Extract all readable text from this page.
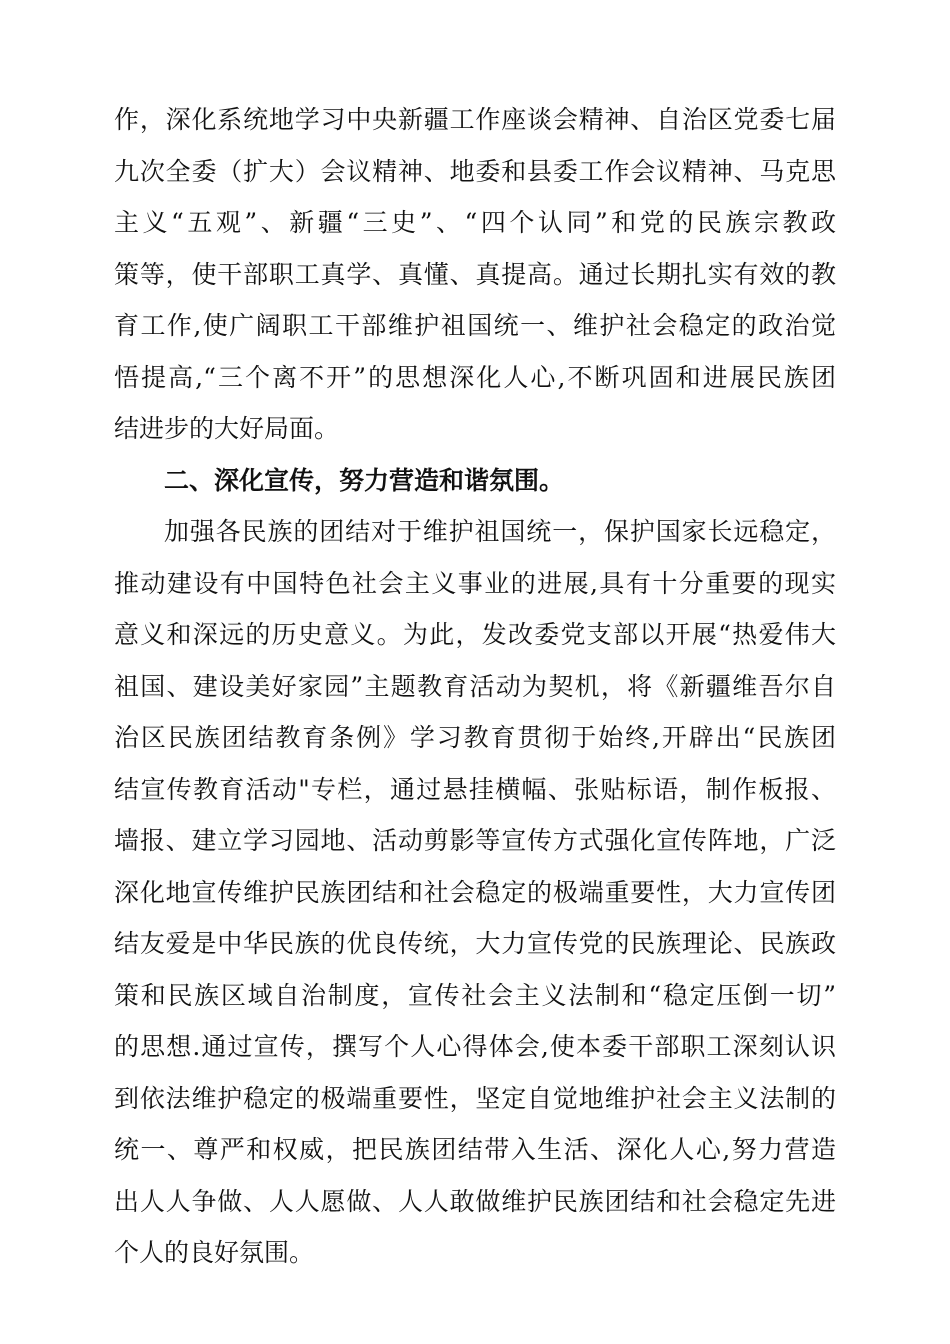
作，深化系统地学习中央新疆工作座谈会精神、自治区党委七届
九次全委（扩大）会议精神、地委和县委工作会议精神、马克思
主义“五观”、新疆“三史”、“四个认同”和党的民族宗教政
策等，使干部职工真学、真懂、真提高。通过长期扎实有效的教
育工作,使广阔职工干部维护祖国统一、维护社会稳定的政治觉
悟提高,“三个离不开”的思想深化人心,不断巩固和进展民族团
结进步的大好局面。
二、深化宣传，努力营造和谐氛围。
加强各民族的团结对于维护祖国统一，保护国家长远稳定，
推动建设有中国特色社会主义事业的进展,具有十分重要的现实
意义和深远的历史意义。为此，发改委党支部以开展“热爱伟大
祖国、建设美好家园”主题教育活动为契机，将《新疆维吾尔自
治区民族团结教育条例》学习教育贯彻于始终,开辟出“民族团
结宣传教育活动"专栏，通过悬挂横幅、张贴标语，制作板报、
墙报、建立学习园地、活动剪影等宣传方式强化宣传阵地，广泛
深化地宣传维护民族团结和社会稳定的极端重要性，大力宣传团
结友爱是中华民族的优良传统，大力宣传党的民族理论、民族政
策和民族区域自治制度，宣传社会主义法制和“稳定压倒一切”
的思想.通过宣传，撰写个人心得体会,使本委干部职工深刻认识
到依法维护稳定的极端重要性，坚定自觉地维护社会主义法制的
统一、尊严和权威，把民族团结带入生活、深化人心,努力营造
出人人争做、人人愿做、人人敢做维护民族团结和社会稳定先进
个人的良好氛围。
